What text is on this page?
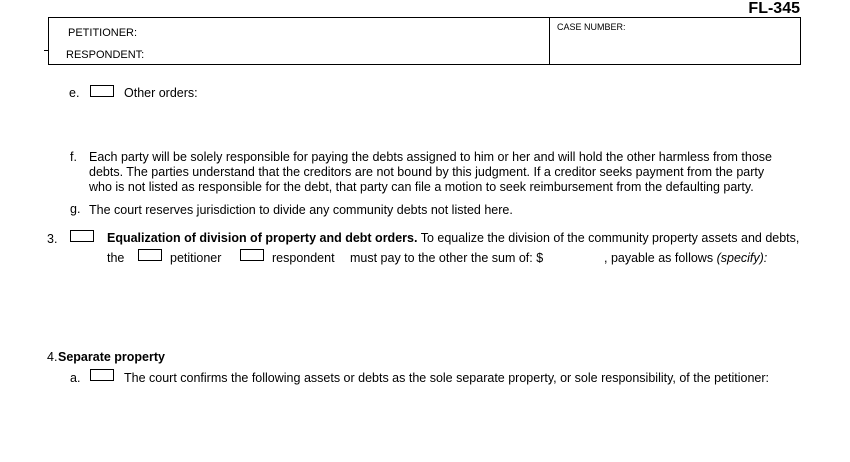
FL-345
PETITIONER:
RESPONDENT:
CASE NUMBER:
e.	Other orders:
f. Each party will be solely responsible for paying the debts assigned to him or her and will hold the other harmless from those
debts. The parties understand that the creditors are not bound by this judgment. If a creditor seeks payment from the party
who is not listed as responsible for the debt, that party can file a motion to seek reimbursement from the defaulting party.
g. The court reserves jurisdiction to divide any community debts not listed here.
3.	Equalization of division of property and debt orders. To equalize the division of the community property assets and debts,
the	petitioner	respondent must pay to the other the sum of: $	, payable as follows (specify):
4. Separate property
a.	The court confirms the following assets or debts as the sole separate property, or sole responsibility, of the petitioner:
